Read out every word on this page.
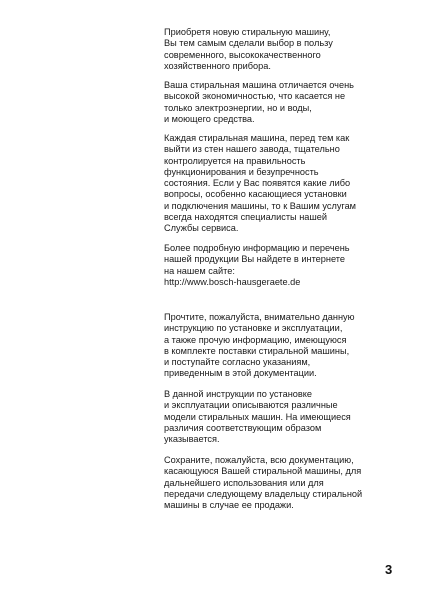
Приобретя новую стиральную машину,
Вы тем самым сделали выбор в пользу
современного, высококачественного
хозяйственного прибора.

Ваша стиральная машина отличается очень
высокой экономичностью, что касается не
только электроэнергии, но и воды,
и моющего средства.

Каждая стиральная машина, перед тем как
выйти из стен нашего завода, тщательно
контролируется на правильность
функционирования и безупречность
состояния. Если у Вас появятся какие либо
вопросы, особенно касающиеся установки
и подключения машины, то к Вашим услугам
всегда находятся специалисты нашей
Службы сервиса.

Более подробную информацию и перечень
нашей продукции Вы найдете в интернете
на нашем сайте:
http://www.bosch-hausgeraete.de

Прочтите, пожалуйста, внимательно данную
инструкцию по установке и эксплуатации,
а также прочую информацию, имеющуюся
в комплекте поставки стиральной машины,
и поступайте согласно указаниям,
приведенным в этой документации.

В данной инструкции по установке
и эксплуатации описываются различные
модели стиральных машин. На имеющиеся
различия соответствующим образом
указывается.

Сохраните, пожалуйста, всю документацию,
касающуюся Вашей стиральной машины, для
дальнейшего использования или для
передачи следующему владельцу стиральной
машины в случае ее продажи.

3
